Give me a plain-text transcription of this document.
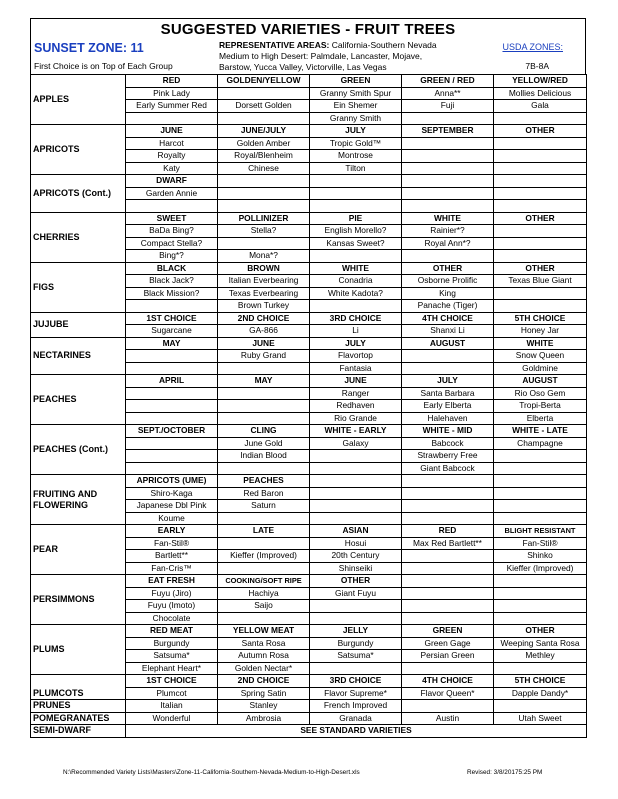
SUGGESTED VARIETIES - FRUIT TREES
SUNSET ZONE: 11
First Choice is on Top of Each Group
REPRESENTATIVE AREAS: California-Southern Nevada
Medium to High Desert: Palmdale, Lancaster, Mojave,
Barstow, Yucca Valley, Victorville, Las Vegas
USDA ZONES:
7B-8A
APPLES	RED	GOLDEN/YELLOW	GREEN	GREEN / RED	YELLOW/RED
	Pink Lady		Granny Smith Spur	Anna**	Mollies Delicious
	Early Summer Red	Dorsett Golden	Ein Shemer	Fuji	Gala
			Granny Smith		
APRICOTS	JUNE	JUNE/JULY	JULY	SEPTEMBER	OTHER
	Harcot	Golden Amber	Tropic Gold™		
	Royalty	Royal/Blenheim	Montrose		
	Katy	Chinese	Tilton		
APRICOTS (Cont.)	DWARF				
	Garden Annie				

CHERRIES	SWEET	POLLINIZER	PIE	WHITE	OTHER
	BaDa Bing?	Stella?	English Morello?	Rainier*?	
	Compact Stella?		Kansas Sweet?	Royal Ann*?	
	Bing*?	Mona*?			
FIGS	BLACK	BROWN	WHITE	OTHER	OTHER
	Black Jack?	Italian Everbearing	Conadria	Osborne Prolific	Texas Blue Giant
	Black Mission?	Texas Everbearing	White Kadota?	King	
		Brown Turkey		Panache (Tiger)	
JUJUBE	1ST CHOICE	2ND CHOICE	3RD CHOICE	4TH CHOICE	5TH CHOICE
	Sugarcane	GA-866	Li	Shanxi Li	Honey Jar
NECTARINES	MAY	JUNE	JULY	AUGUST	WHITE
		Ruby Grand	Flavortop		Snow Queen
			Fantasia		Goldmine
PEACHES	APRIL	MAY	JUNE	JULY	AUGUST
			Ranger	Santa Barbara	Rio Oso Gem
			Redhaven	Early Elberta	Tropi-Berta
			Rio Grande	Halehaven	Elberta
PEACHES (Cont.)	SEPT./OCTOBER	CLING	WHITE - EARLY	WHITE - MID	WHITE - LATE
		June Gold	Galaxy	Babcock	Champagne
		Indian Blood		Strawberry Free	
				Giant Babcock	
FRUITING AND FLOWERING	APRICOTS (UME)	PEACHES			
	Shiro-Kaga	Red Baron			
	Japanese Dbl Pink	Saturn			
	Koume				
PEAR	EARLY	LATE	ASIAN	RED	BLIGHT RESISTANT
	Fan-Stil®		Hosui	Max Red Bartlett**	Fan-Stil®
	Bartlett**	Kieffer (Improved)	20th Century		Shinko
	Fan-Cris™		Shinseiki		Kieffer (Improved)
PERSIMMONS	EAT FRESH	COOKING/SOFT RIPE	OTHER		
	Fuyu (Jiro)	Hachiya	Giant Fuyu		
	Fuyu (Imoto)	Saijo			
	Chocolate				
PLUMS	RED MEAT	YELLOW MEAT	JELLY	GREEN	OTHER
	Burgundy	Santa Rosa	Burgundy	Green Gage	Weeping Santa Rosa
	Satsuma*	Autumn Rosa	Satsuma*	Persian Green	Methley
	Elephant Heart*	Golden Nectar*			
PLUMCOTS	1ST CHOICE	2ND CHOICE	3RD CHOICE	4TH CHOICE	5TH CHOICE
	Plumcot	Spring Satin	Flavor Supreme*	Flavor Queen*	Dapple Dandy*
PRUNES	Italian	Stanley	French Improved		
POMEGRANATES	Wonderful	Ambrosia	Granada	Austin	Utah Sweet
SEMI-DWARF	SEE STANDARD VARIETIES				
N:\Recommended Variety Lists\Masters\Zone-11-California-Southern-Nevada-Medium-to-High-Desert.xls	Revised: 3/8/20175:25 PM
